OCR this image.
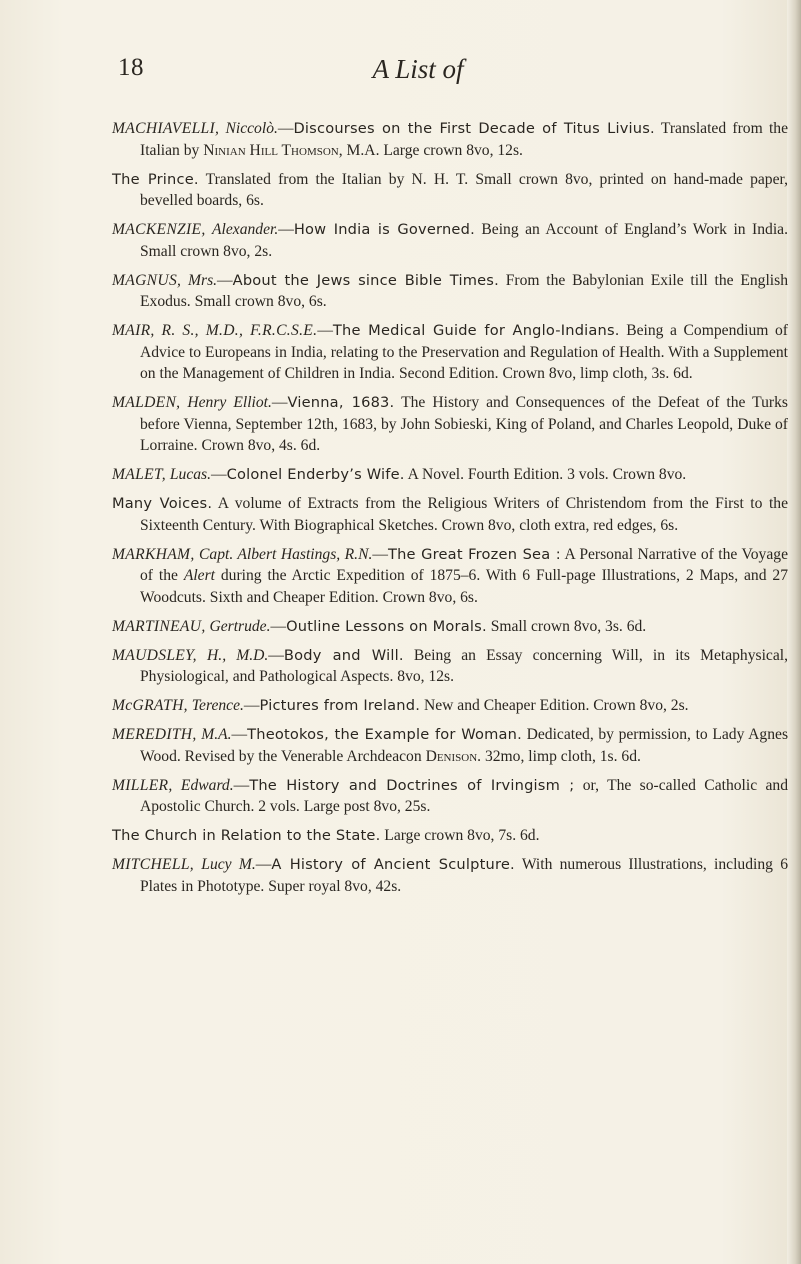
18	A List of

MACHIAVELLI, Niccolò.—Discourses on the First Decade of Titus Livius. Translated from the Italian by Ninian Hill Thomson, M.A. Large crown 8vo, 12s.

The Prince. Translated from the Italian by N. H. T. Small crown 8vo, printed on hand-made paper, bevelled boards, 6s.

MACKENZIE, Alexander.—How India is Governed. Being an Account of England’s Work in India. Small crown 8vo, 2s.

MAGNUS, Mrs.—About the Jews since Bible Times. From the Babylonian Exile till the English Exodus. Small crown 8vo, 6s.

MAIR, R. S., M.D., F.R.C.S.E.—The Medical Guide for Anglo-Indians. Being a Compendium of Advice to Europeans in India, relating to the Preservation and Regulation of Health. With a Supplement on the Management of Children in India. Second Edition. Crown 8vo, limp cloth, 3s. 6d.

MALDEN, Henry Elliot.—Vienna, 1683. The History and Consequences of the Defeat of the Turks before Vienna, September 12th, 1683, by John Sobieski, King of Poland, and Charles Leopold, Duke of Lorraine. Crown 8vo, 4s. 6d.

MALET, Lucas.—Colonel Enderby’s Wife. A Novel. Fourth Edition. 3 vols. Crown 8vo.

Many Voices. A volume of Extracts from the Religious Writers of Christendom from the First to the Sixteenth Century. With Biographical Sketches. Crown 8vo, cloth extra, red edges, 6s.

MARKHAM, Capt. Albert Hastings, R.N.—The Great Frozen Sea : A Personal Narrative of the Voyage of the Alert during the Arctic Expedition of 1875–6. With 6 Full-page Illustrations, 2 Maps, and 27 Woodcuts. Sixth and Cheaper Edition. Crown 8vo, 6s.

MARTINEAU, Gertrude.—Outline Lessons on Morals. Small crown 8vo, 3s. 6d.

MAUDSLEY, H., M.D.—Body and Will. Being an Essay concerning Will, in its Metaphysical, Physiological, and Pathological Aspects. 8vo, 12s.

McGRATH, Terence.—Pictures from Ireland. New and Cheaper Edition. Crown 8vo, 2s.

MEREDITH, M.A.—Theotokos, the Example for Woman. Dedicated, by permission, to Lady Agnes Wood. Revised by the Venerable Archdeacon Denison. 32mo, limp cloth, 1s. 6d.

MILLER, Edward.—The History and Doctrines of Irvingism ; or, The so-called Catholic and Apostolic Church. 2 vols. Large post 8vo, 25s.

The Church in Relation to the State. Large crown 8vo, 7s. 6d.

MITCHELL, Lucy M.—A History of Ancient Sculpture. With numerous Illustrations, including 6 Plates in Phototype. Super royal 8vo, 42s.
